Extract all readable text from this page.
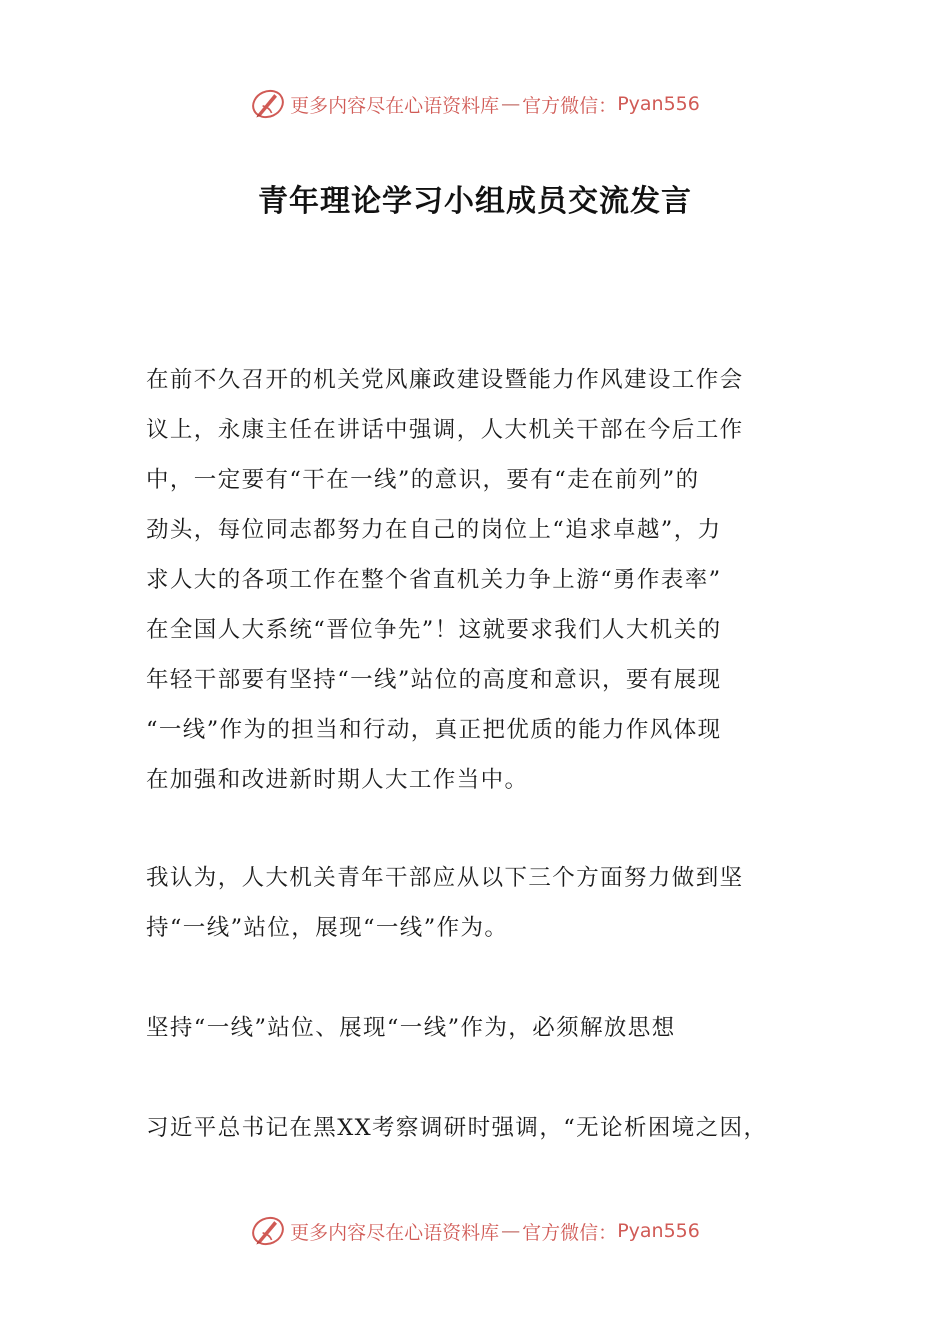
更多内容尽在心语资料库 — 官方微信： Pyan556
青年理论学习小组成员交流发言
在前不久召开的机关党风廉政建设暨能力作风建设工作会
议上，永康主任在讲话中强调，人大机关干部在今后工作
中，一定要有“干在一线”的意识，要有“走在前列”的
劲头，每位同志都努力在自己的岗位上“追求卓越”，力
求人大的各项工作在整个省直机关力争上游“勇作表率”
在全国人大系统“晋位争先”！这就要求我们人大机关的
年轻干部要有坚持“一线”站位的高度和意识，要有展现
“一线”作为的担当和行动，真正把优质的能力作风体现
在加强和改进新时期人大工作当中。
我认为，人大机关青年干部应从以下三个方面努力做到坚
持“一线”站位，展现“一线”作为。
坚持“一线”站位、展现“一线”作为，必须解放思想
习近平总书记在黑XX考察调研时强调，“无论析困境之因，
更多内容尽在心语资料库 — 官方微信： Pyan556
